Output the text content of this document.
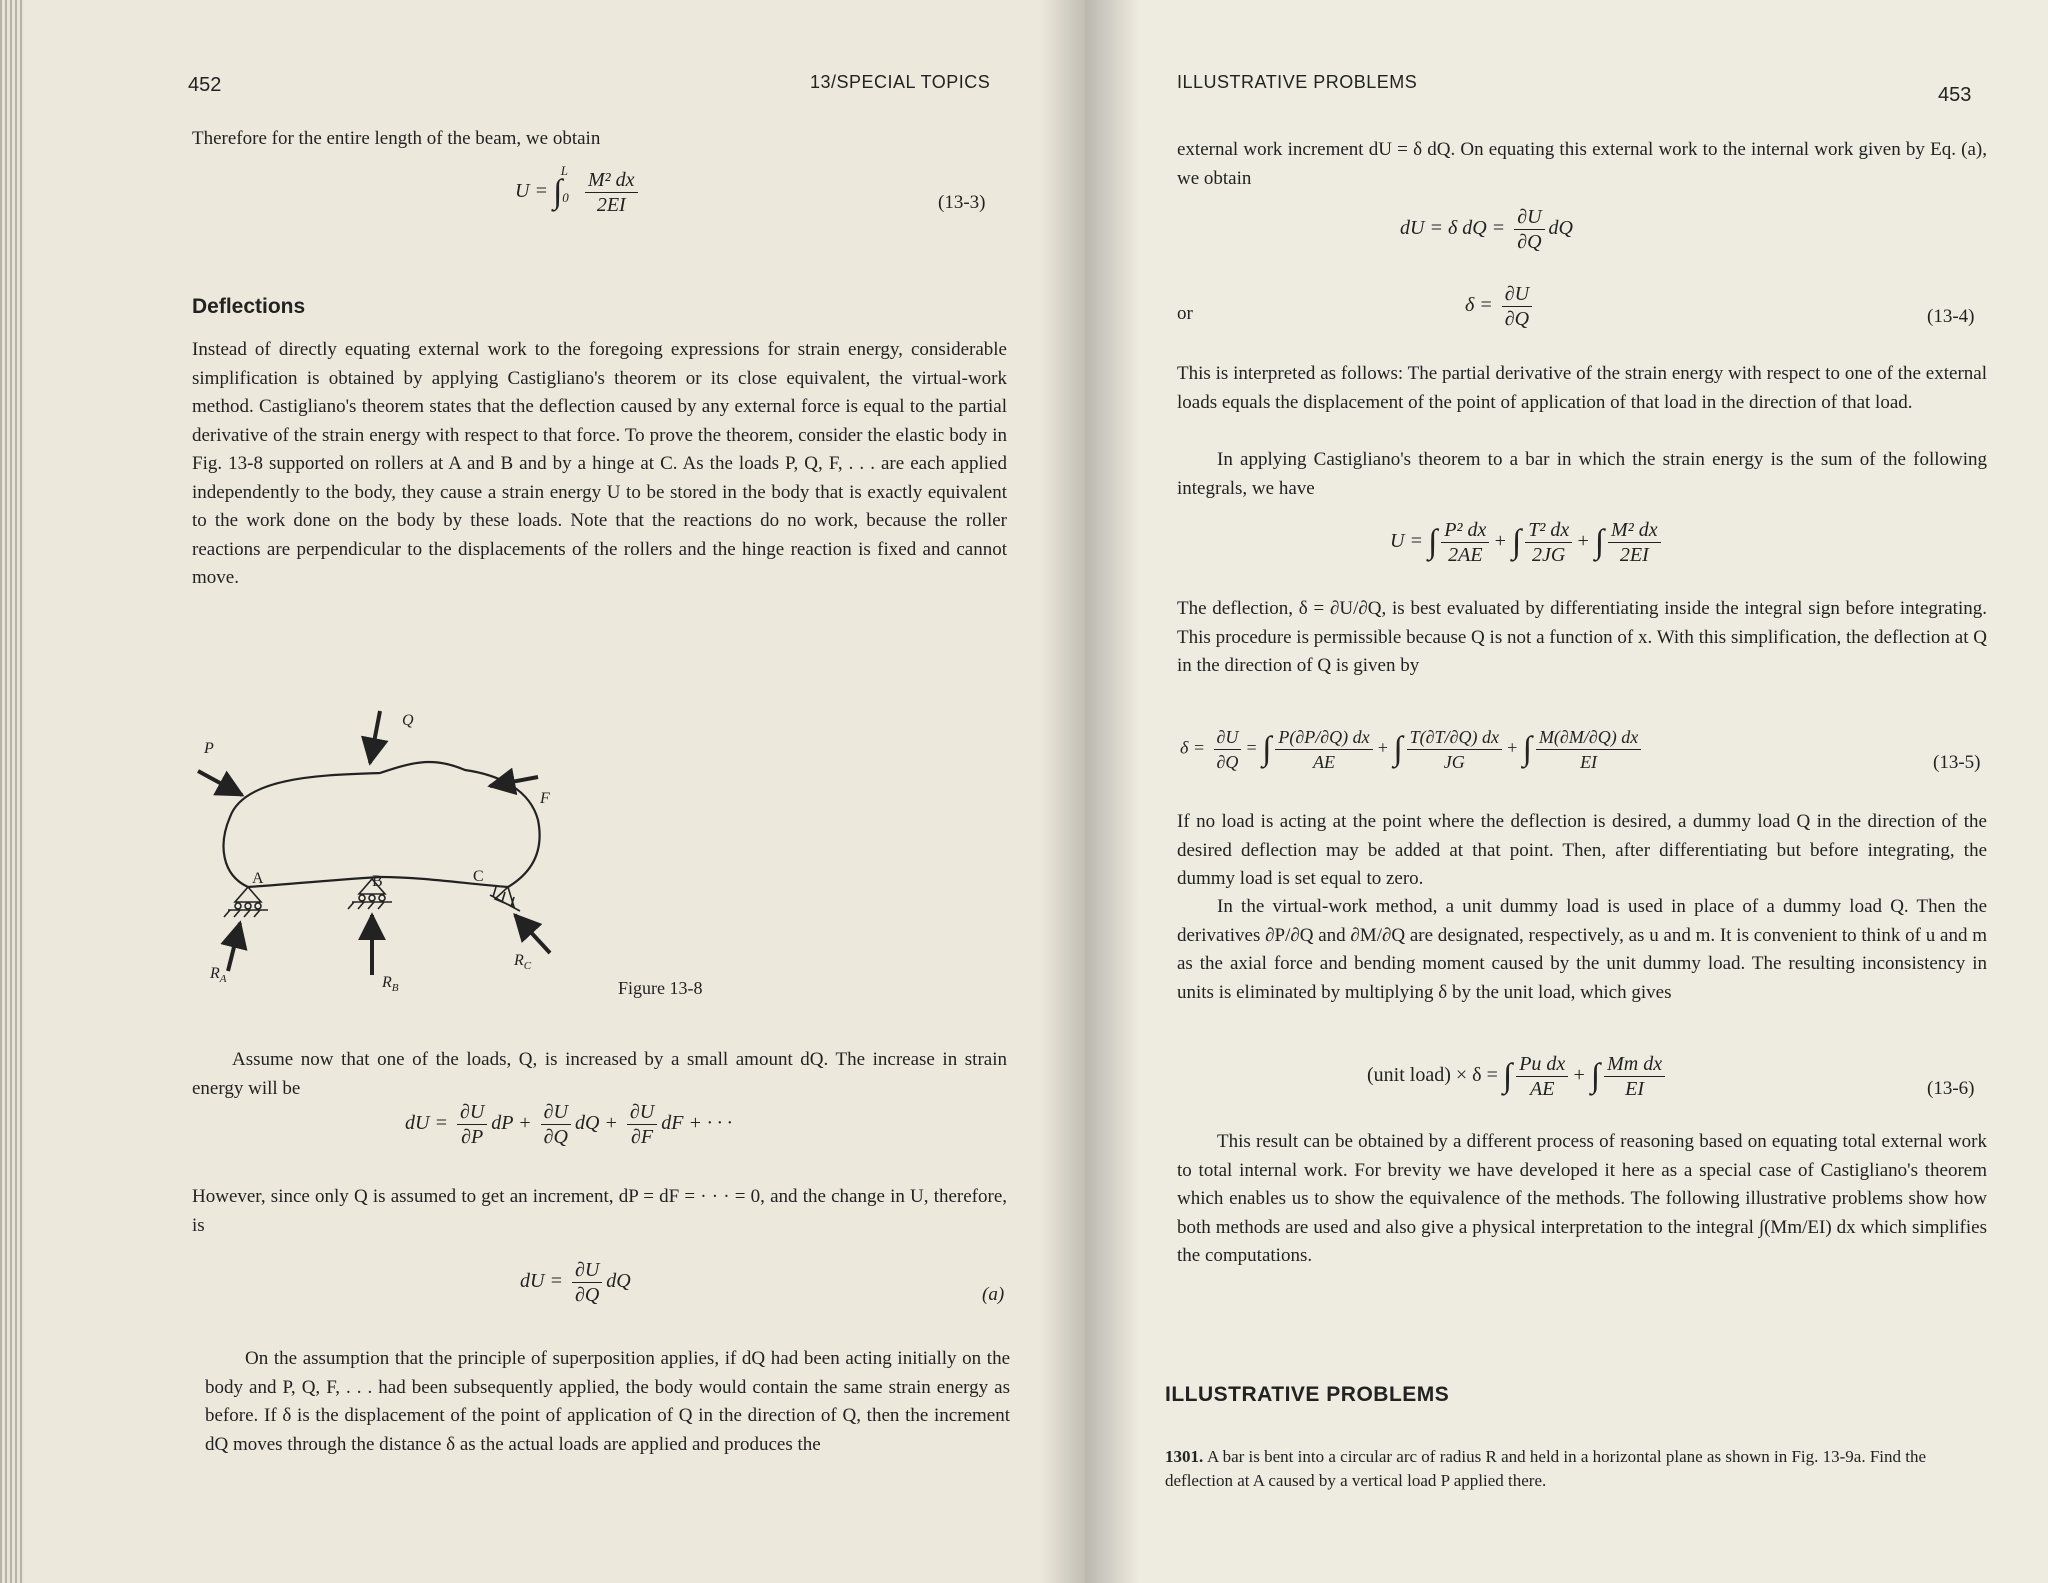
452	13/SPECIAL TOPICS

Therefore for the entire length of the beam, we obtain

$U = \int_0^L \frac{\text{M² dx}}{2EI}$	(13-3)
Deflections

Instead of directly equating external work to the foregoing expressions for strain energy, considerable simplification is obtained by applying Castigliano's theorem or its close equivalent, the virtual-work method. Castigliano's theorem states that the deflection caused by any external force is equal to the partial derivative of the strain energy with respect to that force. To prove the theorem, consider the elastic body in Fig. 13-8 supported on rollers at A and B and by a hinge at C. As the loads P, Q, F, . . . are each applied independently to the body, they cause a strain energy U to be stored in the body that is exactly equivalent to the work done on the body by these loads. Note that the reactions do no work, because the roller reactions are perpendicular to the displacements of the rollers and the hinge reaction is fixed and cannot move.

P
Q
F
A	B	C
$R_A$	$R_B$
$R_C$
Figure 13-8

Assume now that one of the loads, Q, is increased by a small amount dQ. The increase in strain energy will be

dU = $\frac{\partial U}{\partial P}$ dP + $\frac{\partial U}{\partial Q}$ dQ + $\frac{\partial U}{\partial F}$ dF + · · ·

However, since only Q is assumed to get an increment, dP = dF = · · · = 0, and the change in U, therefore, is

dU = $\frac{\partial U}{\partial Q}$ dQ
(a)

On the assumption that the principle of superposition applies, if dQ had been acting initially on the body and P, Q, F, . . . had been subsequently applied, the body would contain the same strain energy as before. If δ is the displacement of the point of application of Q in the direction of Q, then the increment dQ moves through the distance δ as the actual loads are applied and produces the

ILLUSTRATIVE PROBLEMS
453

external work increment dU = δ dQ. On equating this external work to the internal work given by Eq. (a), we obtain

dU = δ dQ = $\frac{\partial U}{\partial Q}$ dQ
or	$\delta = \frac{\partial U}{\partial Q}$	(13-4)

This is interpreted as follows: The partial derivative of the strain energy with respect to one of the external loads equals the displacement of the point of application of that load in the direction of that load.

In applying Castigliano's theorem to a bar in which the strain energy is the sum of the following integrals, we have

U = ∫ $\frac{\text{P² dx}}{2AE}$ + ∫ $\frac{\text{T² dx}}{2JG}$ + ∫ $\frac{\text{M² dx}}{2EI}$

The deflection, δ = ∂U/∂Q, is best evaluated by differentiating inside the integral sign before integrating. This procedure is permissible because Q is not a function of x. With this simplification, the deflection at Q in the direction of Q is given by

$\delta = \frac{\partial U}{\partial Q}$ = ∫ $\frac{P(\partial P/\partial Q) dx}{AE}$ + ∫ $\frac{T(\partial T/\partial Q) dx}{JG}$ + ∫ $\frac{M(\partial M/\partial Q) dx}{EI}$	(13-5)

If no load is acting at the point where the deflection is desired, a dummy load Q in the direction of the desired deflection may be added at that point. Then, after differentiating but before integrating, the dummy load is set equal to zero.

In the virtual-work method, a unit dummy load is used in place of a dummy load Q. Then the derivatives ∂P/∂Q and ∂M/∂Q are designated, respectively, as u and m. It is convenient to think of u and m as the axial force and bending moment caused by the unit dummy load. The resulting inconsistency in units is eliminated by multiplying δ by the unit load, which gives

(unit load) × δ = ∫ $\frac{\text{Pu dx}}{AE}$ + ∫ $\frac{\text{Mm dx}}{EI}$	(13-6)

This result can be obtained by a different process of reasoning based on equating total external work to total internal work. For brevity we have developed it here as a special case of Castigliano's theorem which enables us to show the equivalence of the methods. The following illustrative problems show how both methods are used and also give a physical interpretation to the integral ∫(Mm/EI) dx which simplifies the computations.

ILLUSTRATIVE PROBLEMS
1301. A bar is bent into a circular arc of radius R and held in a horizontal plane as shown in Fig. 13-9a. Find the deflection at A caused by a vertical load P applied there.
